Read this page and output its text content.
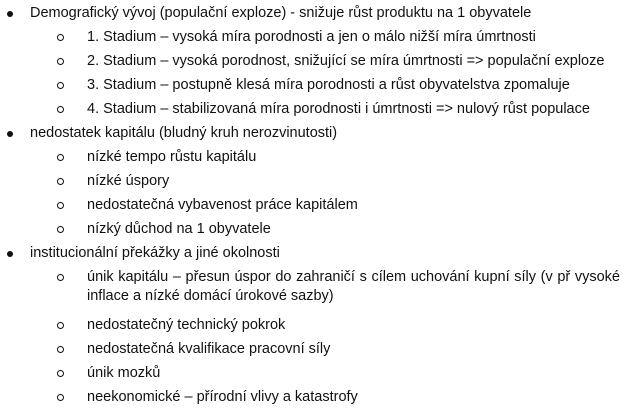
Demografický vývoj (populační exploze) - snižuje růst produktu na 1 obyvatele
1. Stadium – vysoká míra porodnosti a jen o málo nižší míra úmrtnosti
2. Stadium – vysoká porodnost, snižující se míra úmrtnosti => populační exploze
3. Stadium – postupně klesá míra porodnosti a růst obyvatelstva zpomaluje
4. Stadium – stabilizovaná míra porodnosti i úmrtnosti => nulový růst populace
nedostatek kapitálu (bludný kruh nerozvinutosti)
nízké tempo růstu kapitálu
nízké úspory
nedostatečná vybavenost práce kapitálem
nízký důchod na 1 obyvatele
institucionální překážky a jiné okolnosti
únik kapitálu – přesun úspor do zahraničí s cílem uchování kupní síly (v př vysoké inflace a nízké domácí úrokové sazby)
nedostatečný technický pokrok
nedostatečná kvalifikace pracovní síly
únik mozků
neekonomické – přírodní vlivy a katastrofy
